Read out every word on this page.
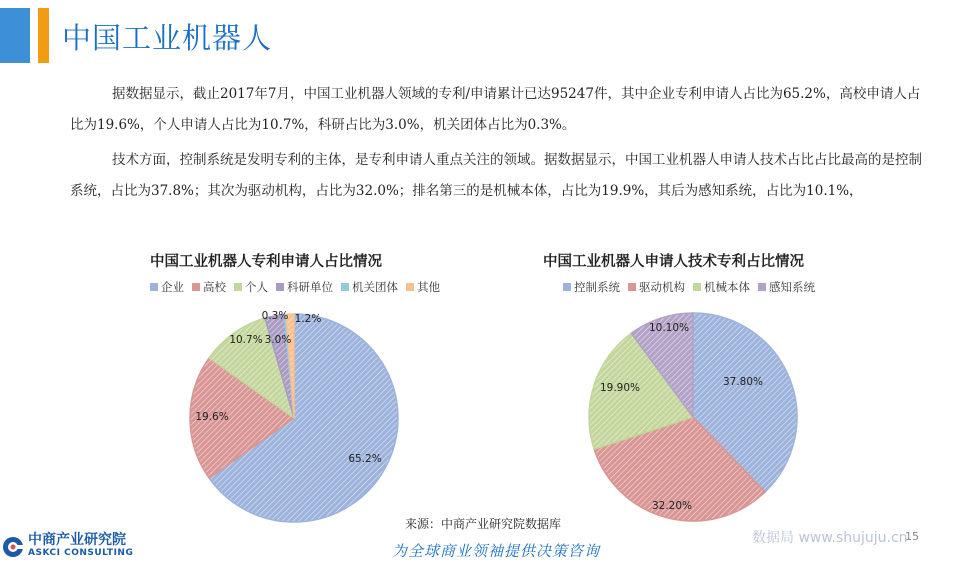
中国工业机器人

据数据显示，截止2017年7月，中国工业机器人领域的专利/申请累计已达95247件，其中企业专利申请人占比为65.2%，高校申请人占比为19.6%，个人申请人占比为10.7%，科研占比为3.0%，机关团体占比为0.3%。

技术方面，控制系统是发明专利的主体，是专利申请人重点关注的领域。据数据显示，中国工业机器人申请人技术占比占比最高的是控制系统，占比为37.8%；其次为驱动机构，占比为32.0%；排名第三的是机械本体，占比为19.9%，其后为感知系统，占比为10.1%，

中国工业机器人专利申请人占比情况
企业 高校 个人 科研单位 机关团体 其他
65.2%
19.6%
10.7% 3.0%
0.3% 1.2%
中国工业机器人申请人技术专利占比情况
控制系统 驱动机构 机械本体 感知系统
37.80%
32.20%
19.90%
10.10%
来源：中商产业研究院数据库
为全球商业领袖提供决策咨询
数据局 www.shujuju.cn
15
中商产业研究院
ASKCI CONSULTING
